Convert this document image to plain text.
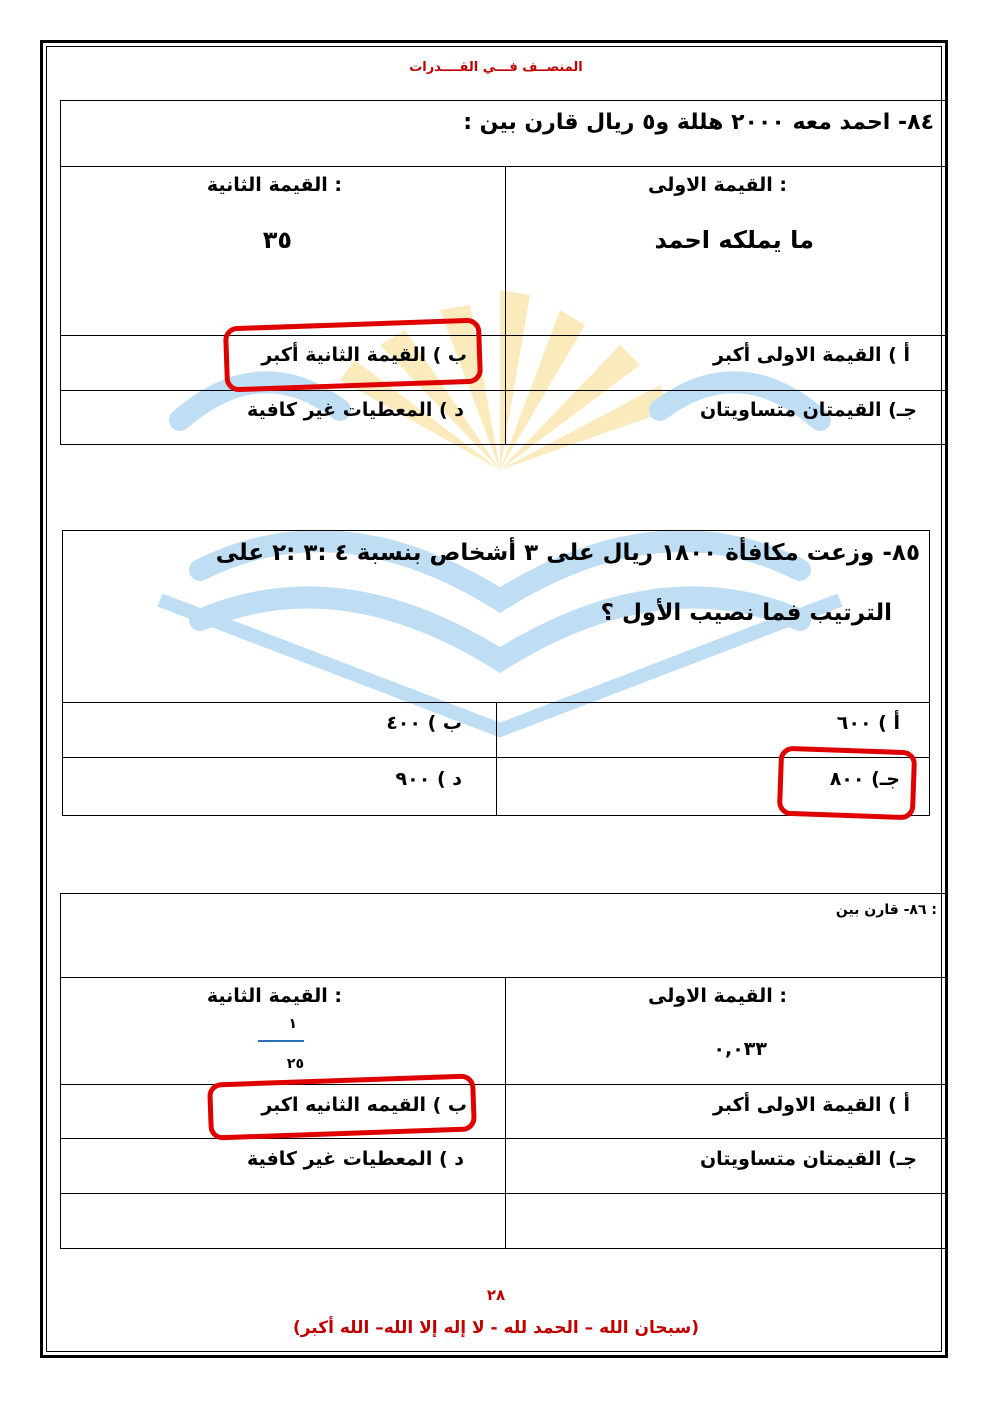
المنصــف فـــي القــــدرات
٨٤- احمد معه ٢٠٠٠ هللة و٥ ريال قارن بين :
القيمة الاولى :
ما يملكه احمد
القيمة الثانية :
٣٥
أ ) القيمة الاولى أكبر
ب ) القيمة الثانية أكبر
جـ) القيمتان متساويتان
د ) المعطيات غير كافية
٨٥- وزعت مكافأة ١٨٠٠ ريال على ٣ أشخاص بنسبة ٤ :٣ :٢ على
الترتيب فما نصيب الأول ؟
أ ) ٦٠٠
ب ) ٤٠٠
جـ) ٨٠٠
د ) ٩٠٠
٨٦- قارن بين :
القيمة الاولى :
٠,٠٣٣
القيمة الثانية :
١
٢٥
أ ) القيمة الاولى أكبر
ب ) القيمه الثانيه اكبر
جـ) القيمتان متساويتان
د ) المعطيات غير كافية
٢٨
(سبحان الله – الحمد لله - لا إله إلا الله– الله أكبر)
